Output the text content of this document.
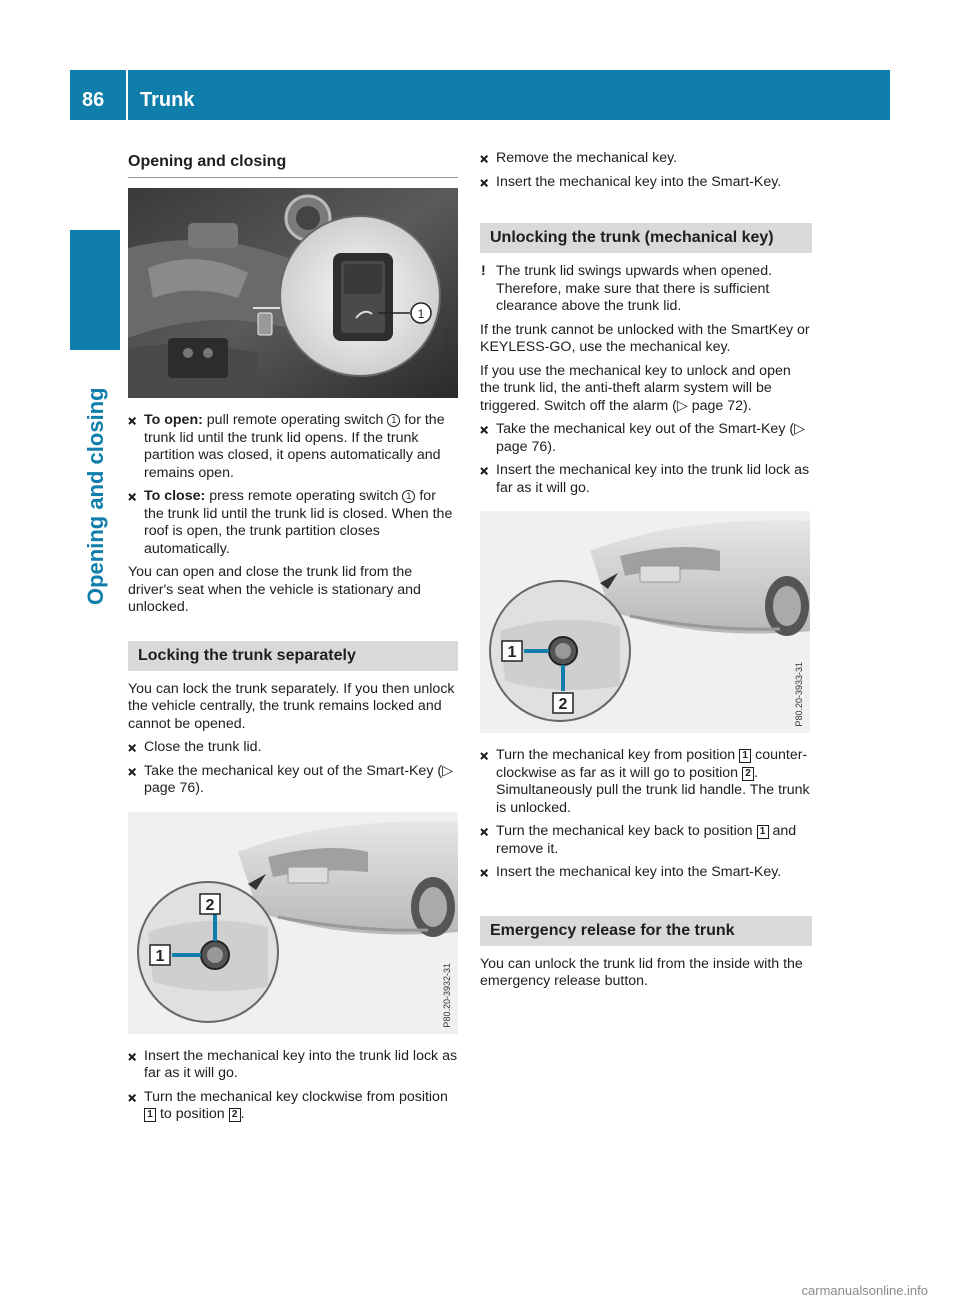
86	Trunk
Opening and closing
Opening and closing
1
P54.26-0367-31
To open: pull remote operating switch 1 for the trunk lid until the trunk lid opens. If the trunk partition was closed, it opens automatically and remains open.
To close: press remote operating switch 1 for the trunk lid until the trunk lid is closed. When the roof is open, the trunk partition closes automatically.

You can open and close the trunk lid from the driver's seat when the vehicle is stationary and unlocked.

Locking the trunk separately

You can lock the trunk separately. If you then unlock the vehicle centrally, the trunk remains locked and cannot be opened.

Close the trunk lid.
Take the mechanical key out of the Smart-Key (▷ page 76).
2
1
P80.20-3932-31
Insert the mechanical key into the trunk lid lock as far as it will go.
Turn the mechanical key clockwise from position 1 to position 2 .
Remove the mechanical key.
Insert the mechanical key into the Smart-Key.
Unlocking the trunk (mechanical key)
! The trunk lid swings upwards when opened. Therefore, make sure that there is sufficient clearance above the trunk lid.

If the trunk cannot be unlocked with the SmartKey or KEYLESS-GO, use the mechanical key.

If you use the mechanical key to unlock and open the trunk lid, the anti-theft alarm system will be triggered. Switch off the alarm (▷ page 72).

Take the mechanical key out of the Smart-Key (▷ page 76).
Insert the mechanical key into the trunk lid lock as far as it will go.
1
2	P80.20-3933-31
Turn the mechanical key from position 1 counter-clockwise as far as it will go to position 2 . Simultaneously pull the trunk lid handle. The trunk is unlocked.
Turn the mechanical key back to position 1 and remove it.
Insert the mechanical key into the Smart-Key.
Emergency release for the trunk

You can unlock the trunk lid from the inside with the emergency release button.

carmanualsonline.info
